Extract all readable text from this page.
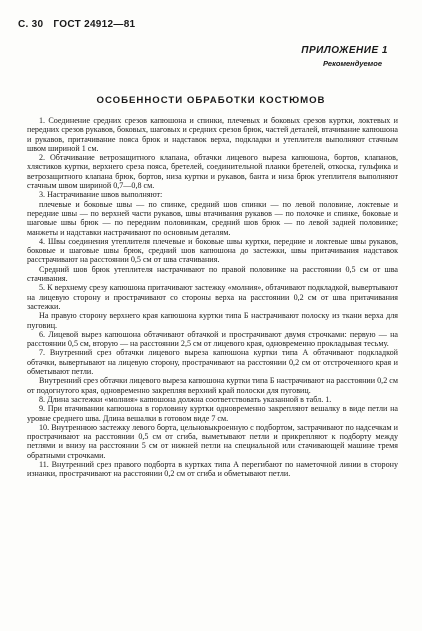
С. 30 ГОСТ 24912—81
ПРИЛОЖЕНИЕ 1
Рекомендуемое
ОСОБЕННОСТИ ОБРАБОТКИ КОСТЮМОВ

1. Соединение средних срезов капюшона и спинки, плечевых и боковых срезов куртки, локтевых и передних срезов рукавов, боковых, шаговых и средних срезов брюк, частей деталей, втачивание капюшона и рукавов, притачивание пояса брюк и надставок верха, подкладки и утеплителя выполняют стачным швом шириной 1 см.

2. Обтачивание ветрозащитного клапана, обтачки лицевого выреза капюшона, бортов, клапанов, хлястиков куртки, верхнего среза пояса, бретелей, соединительной планки бретелей, откоска, гульфика и ветрозащитного клапана брюк, бортов, низа куртки и рукавов, банта и низа брюк утеплителя выполняют стачным швом шириной 0,7—0,8 см.

3. Настрачивание швов выполняют:

плечевые и боковые швы — по спинке, средний шов спинки — по левой половине, локтевые и передние швы — по верхней части рукавов, швы втачивания рукавов — по полочке и спинке, боковые и шаговые швы брюк — по передним половинкам, средний шов брюк — по левой задней половинке; манжеты и надставки настрачивают по основным деталям.

4. Швы соединения утеплителя плечевые и боковые швы куртки, передние и локтевые швы рукавов, боковые и шаговые швы брюк, средний шов капюшона до застежки, швы притачивания надставок расстрачивают на расстоянии 0,5 см от шва стачивания.

Средний шов брюк утеплителя настрачивают по правой половинке на расстоянии 0,5 см от шва стачивания.

5. К верхнему срезу капюшона притачивают застежку «молния», обтачивают подкладкой, вывертывают на лицевую сторону и прострачивают со стороны верха на расстоянии 0,2 см от шва притачивания застежки.

На правую сторону верхнего края капюшона куртки типа Б настрачивают полоску из ткани верха для пуговиц.

6. Лицевой вырез капюшона обтачивают обтачкой и прострачивают двумя строчками: первую — на расстоянии 0,5 см, вторую — на расстоянии 2,5 см от лицевого края, одновременно прокладывая тесьму.

7. Внутренний срез обтачки лицевого выреза капюшона куртки типа А обтачивают подкладкой обтачки, вывертывают на лицевую сторону, прострачивают на расстоянии 0,2 см от отстроченного края и обметывают петли.

Внутренний срез обтачки лицевого выреза капюшона куртки типа Б настрачивают на расстоянии 0,2 см от подогнутого края, одновременно закрепляя верхний край полоски для пуговиц.

8. Длина застежки «молния» капюшона должна соответствовать указанной в табл. 1.

9. При втачивании капюшона в горловину куртки одновременно закрепляют вешалку в виде петли на уровне среднего шва. Длина вешалки в готовом виде 7 см.

10. Внутреннюю застежку левого борта, цельновыкроенную с подбортом, застрачивают по надсечкам и прострачивают на расстоянии 0,5 см от сгиба, выметывают петли и прикрепляют к подборту между петлями и внизу на расстоянии 5 см от нижней петли на специальной или стачивающей машине тремя обратными строчками.

11. Внутренний срез правого подборта в куртках типа А перегибают по наметочной линии в сторону изнанки, прострачивают на расстоянии 0,2 см от сгиба и обметывают петли.
